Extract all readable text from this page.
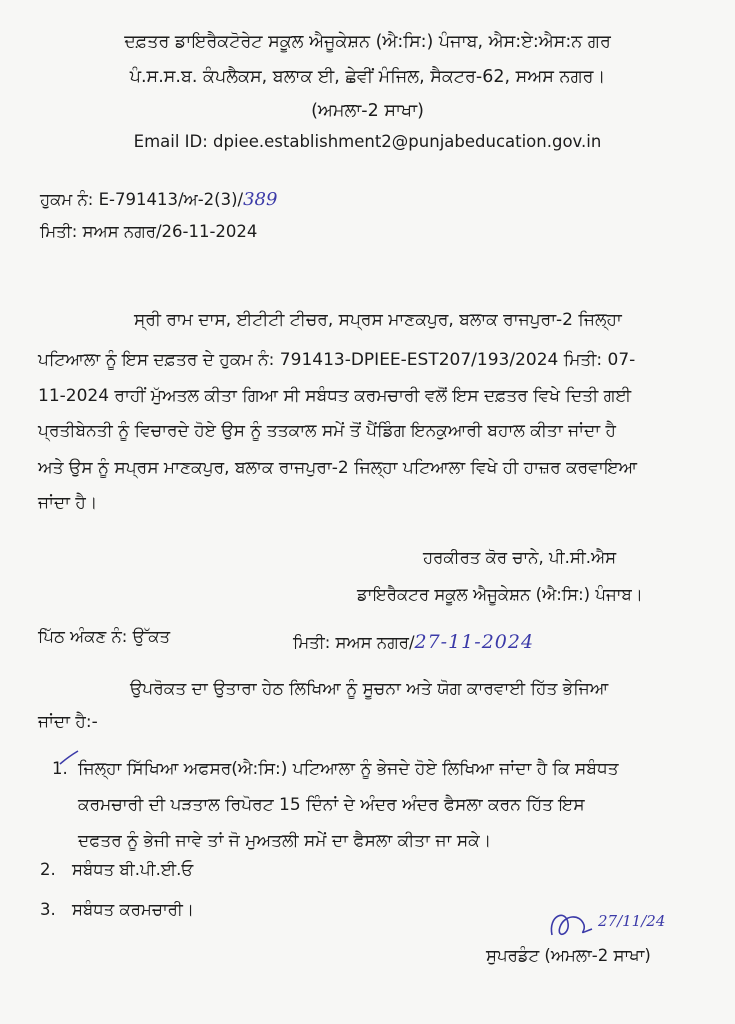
ਦਫ਼ਤਰ ਡਾਇਰੈਕਟੋਰੇਟ ਸਕੂਲ ਐਜੂਕੇਸ਼ਨ (ਐ:ਸਿ:) ਪੰਜਾਬ, ਐਸ:ਏ:ਐਸ:ਨ ਗਰ
ਪੰ.ਸ.ਸ.ਬ. ਕੰਪਲੈਕਸ, ਬਲਾਕ ਈ, ਛੇਵੀਂ ਮੰਜਿਲ, ਸੈਕਟਰ-62, ਸਅਸ ਨਗਰ।
(ਅਮਲਾ-2 ਸਾਖਾ)
Email ID: dpiee.establishment2@punjabeducation.gov.in
ਹੁਕਮ ਨੰ: E-791413/ਅ-2(3)/389
ਮਿਤੀ: ਸਅਸ ਨਗਰ/26-11-2024
ਸ੍ਰੀ ਰਾਮ ਦਾਸ, ਈਟੀਟੀ ਟੀਚਰ, ਸਪ੍ਰਸ ਮਾਣਕਪੁਰ, ਬਲਾਕ ਰਾਜਪੁਰਾ-2 ਜਿਲ੍ਹਾ
ਪਟਿਆਲਾ ਨੂੰ ਇਸ ਦਫ਼ਤਰ ਦੇ ਹੁਕਮ ਨੰ: 791413-DPIEE-EST207/193/2024 ਮਿਤੀ: 07-
11-2024 ਰਾਹੀਂ ਮੁੱਅਤਲ ਕੀਤਾ ਗਿਆ ਸੀ ਸਬੰਧਤ ਕਰਮਚਾਰੀ ਵਲੋਂ ਇਸ ਦਫ਼ਤਰ ਵਿਖੇ ਦਿਤੀ ਗਈ
ਪ੍ਰਤੀਬੇਨਤੀ ਨੂੰ ਵਿਚਾਰਦੇ ਹੋਏ ਉਸ ਨੂੰ ਤਤਕਾਲ ਸਮੇਂ ਤੋਂ ਪੈਂਡਿੰਗ ਇਨਕੁਆਰੀ ਬਹਾਲ ਕੀਤਾ ਜਾਂਦਾ ਹੈ
ਅਤੇ ਉਸ ਨੂੰ ਸਪ੍ਰਸ ਮਾਣਕਪੁਰ, ਬਲਾਕ ਰਾਜਪੁਰਾ-2 ਜਿਲ੍ਹਾ ਪਟਿਆਲਾ ਵਿਖੇ ਹੀ ਹਾਜ਼ਰ ਕਰਵਾਇਆ
ਜਾਂਦਾ ਹੈ।
ਹਰਕੀਰਤ ਕੋਰ ਚਾਨੇ, ਪੀ.ਸੀ.ਐਸ
ਡਾਇਰੈਕਟਰ ਸਕੂਲ ਐਜੂਕੇਸ਼ਨ (ਐ:ਸਿ:) ਪੰਜਾਬ।
ਪਿੱਠ ਅੰਕਣ ਨੰ: ਉੱਕਤ	ਮਿਤੀ: ਸਅਸ ਨਗਰ/27-11-2024
ਉਪਰੋਕਤ ਦਾ ਉਤਾਰਾ ਹੇਠ ਲਿਖਿਆ ਨੂੰ ਸੂਚਨਾ ਅਤੇ ਯੋਗ ਕਾਰਵਾਈ ਹਿੱਤ ਭੇਜਿਆ
ਜਾਂਦਾ ਹੈ:-
1. ਜਿਲ੍ਹਾ ਸਿੱਖਿਆ ਅਫਸਰ(ਐ:ਸਿ:) ਪਟਿਆਲਾ ਨੂੰ ਭੇਜਦੇ ਹੋਏ ਲਿਖਿਆ ਜਾਂਦਾ ਹੈ ਕਿ ਸਬੰਧਤ
ਕਰਮਚਾਰੀ ਦੀ ਪੜਤਾਲ ਰਿਪੋਰਟ 15 ਦਿੰਨਾਂ ਦੇ ਅੰਦਰ ਅੰਦਰ ਫੈਸਲਾ ਕਰਨ ਹਿੱਤ ਇਸ
ਦਫਤਰ ਨੂੰ ਭੇਜੀ ਜਾਵੇ ਤਾਂ ਜੋ ਮੁਅਤਲੀ ਸਮੇਂ ਦਾ ਫੈਸਲਾ ਕੀਤਾ ਜਾ ਸਕੇ।
2. ਸਬੰਧਤ ਬੀ.ਪੀ.ਈ.ਓ
3. ਸਬੰਧਤ ਕਰਮਚਾਰੀ।
27/11/24
ਸੁਪਰਡੰਟ (ਅਮਲਾ-2 ਸਾਖਾ)
